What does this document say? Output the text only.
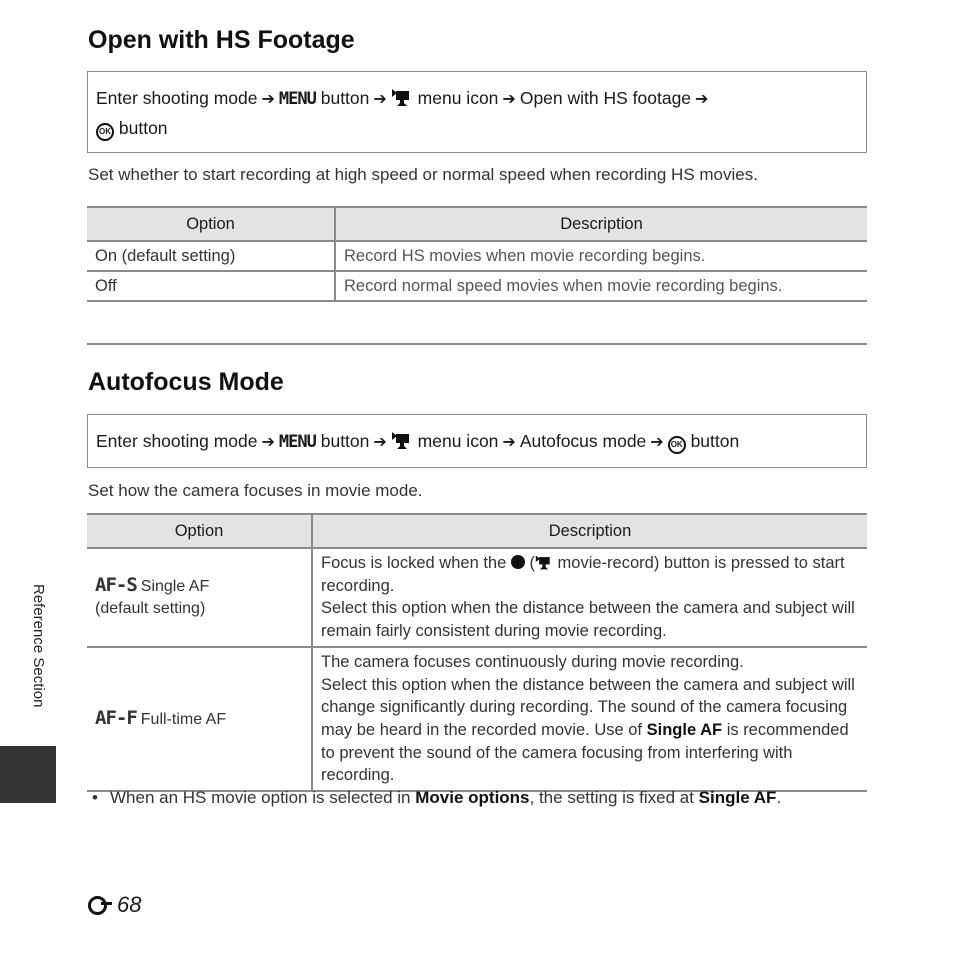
Open with HS Footage
Enter shooting mode ➔ MENU button ➔ menu icon ➔ Open with HS footage ➔
OK button

Set whether to start recording at high speed or normal speed when recording HS movies.

Option	Description
On (default setting)	Record HS movies when movie recording begins.
Off	Record normal speed movies when movie recording begins.
Autofocus Mode
Enter shooting mode ➔ MENU button ➔ menu icon ➔ Autofocus mode ➔ OK button

Set how the camera focuses in movie mode.

Option	Description
AF-S Single AF
(default setting)	Focus is locked when the ( movie-record) button is pressed to start recording.
Select this option when the distance between the camera and subject will remain fairly consistent during movie recording.
AF-F Full-time AF	The camera focuses continuously during movie recording.
Select this option when the distance between the camera and subject will change significantly during recording. The sound of the camera focusing may be heard in the recorded movie. Use of Single AF is recommended to prevent the sound of the camera focusing from interfering with recording.
• When an HS movie option is selected in Movie options, the setting is fixed at Single AF.
Reference Section
68
